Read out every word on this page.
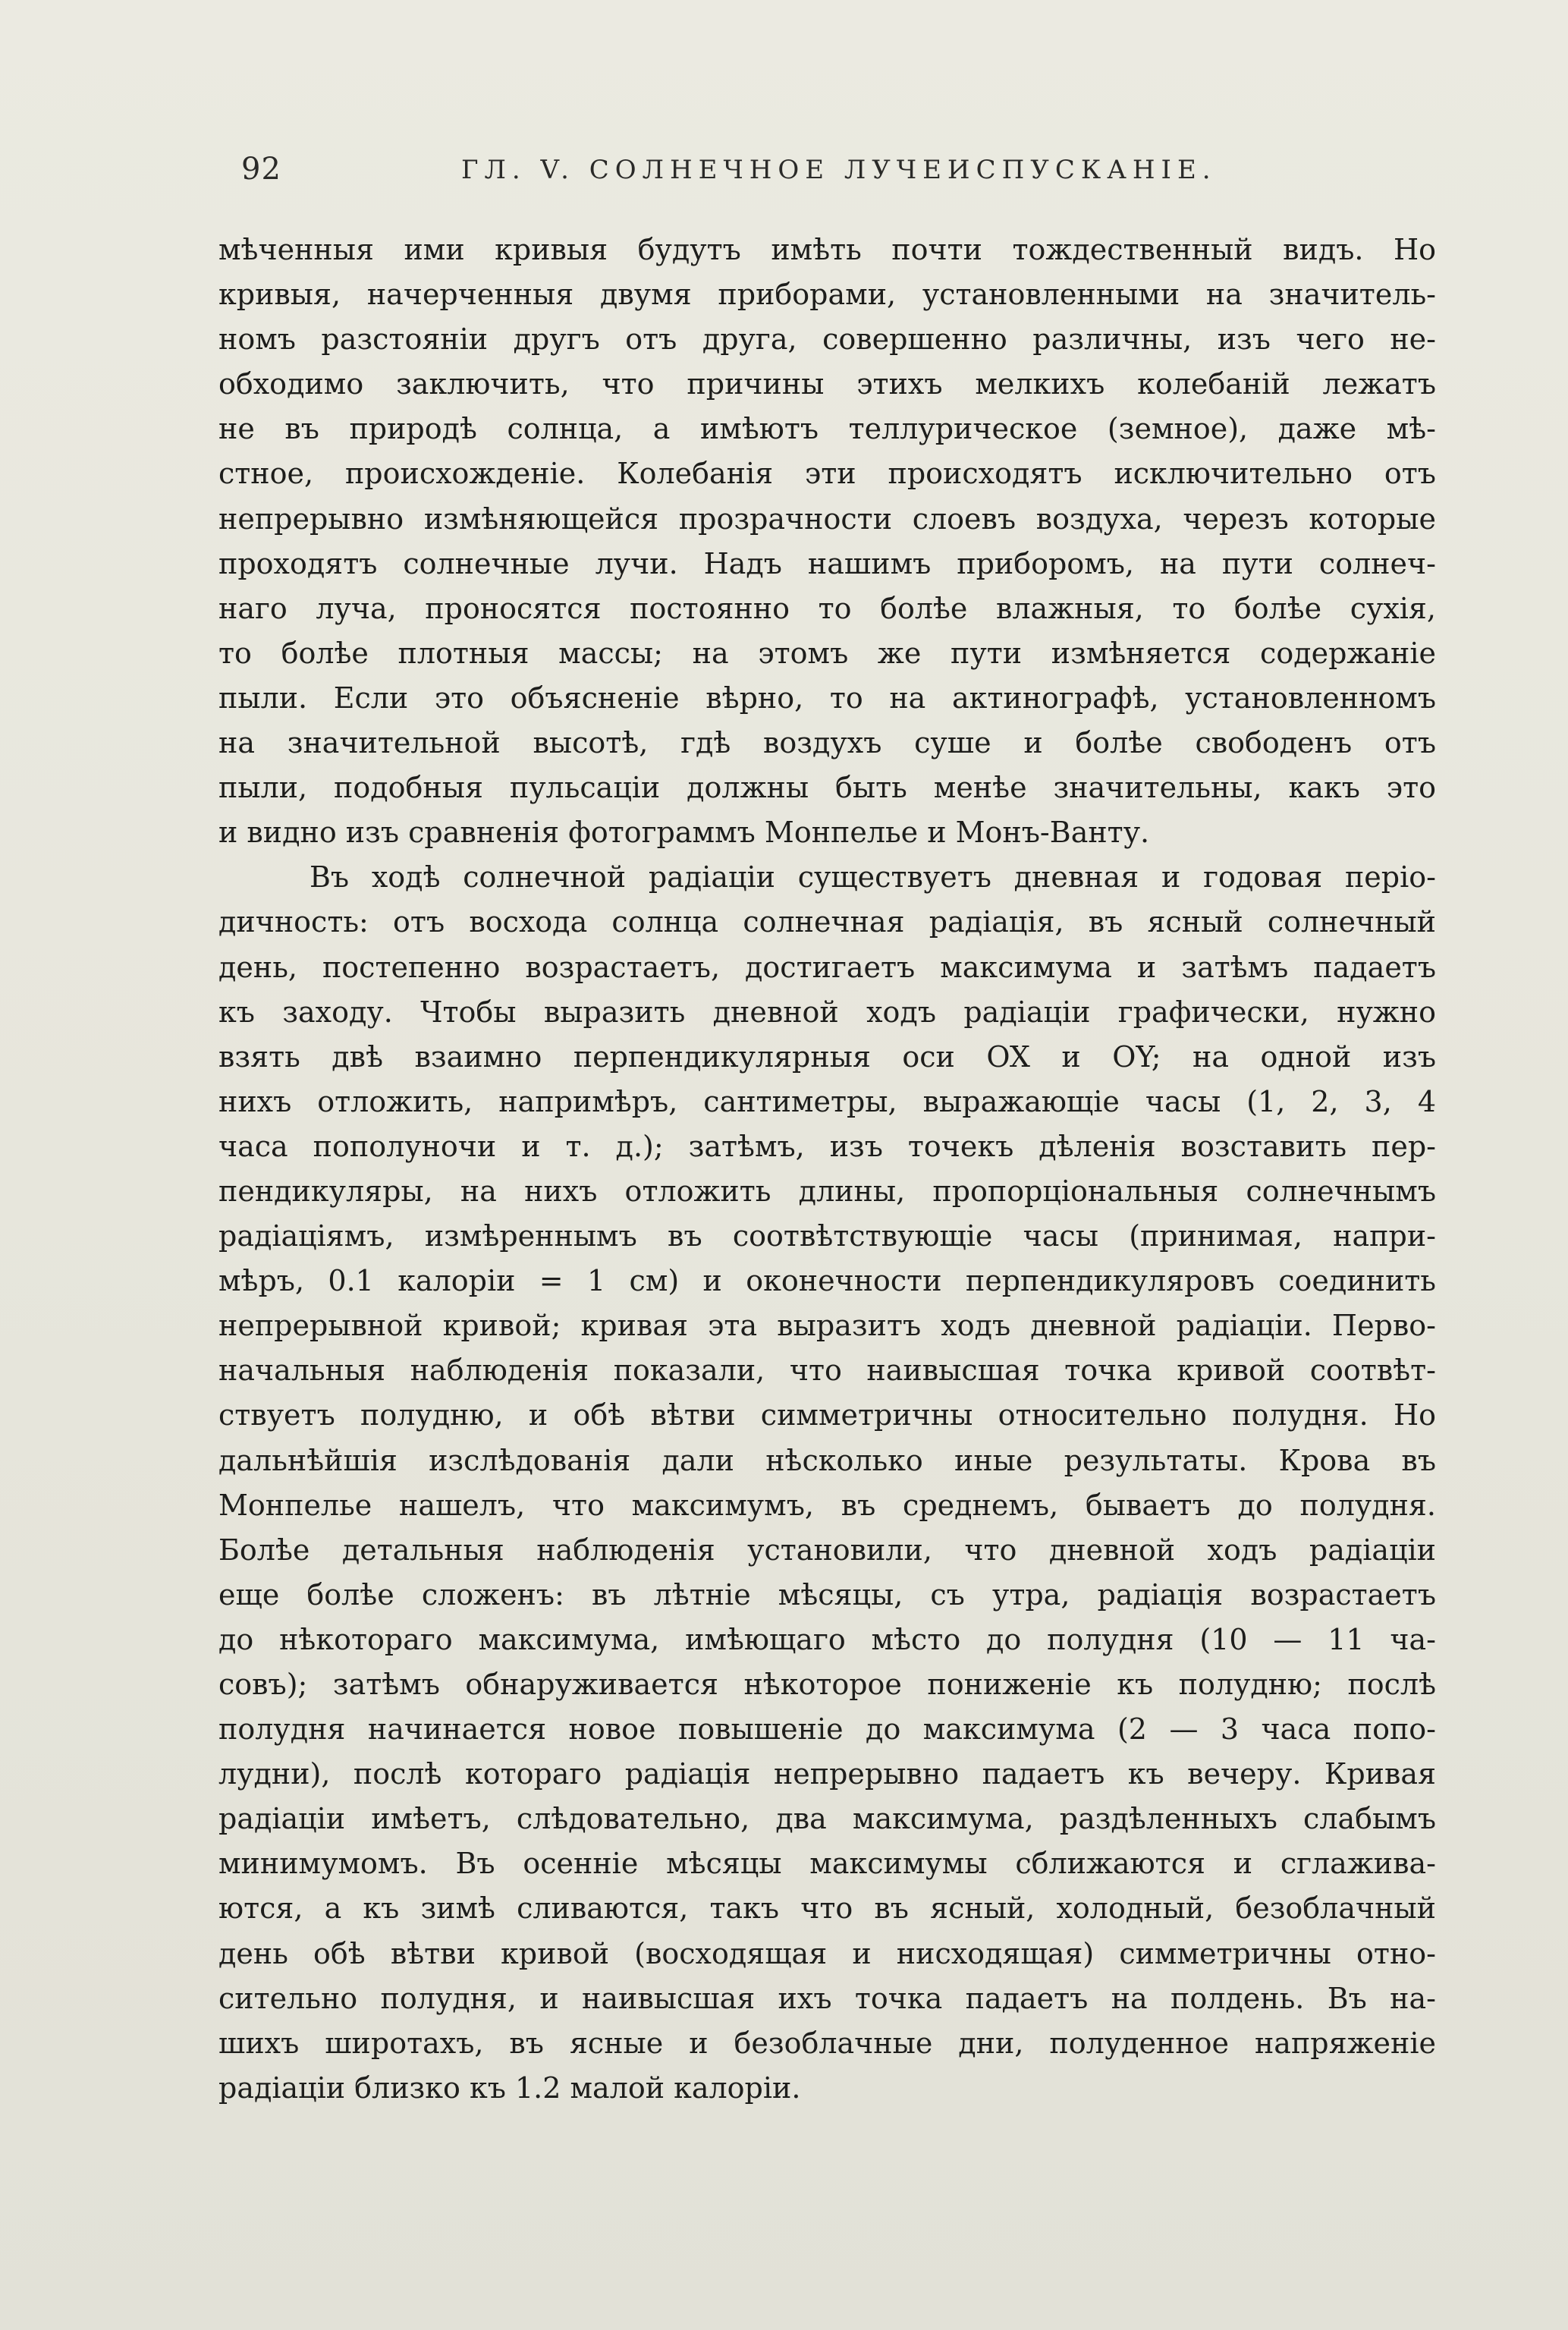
92	ГЛ. V. СОЛНЕЧНОЕ ЛУЧЕИСПУСКАНІЕ.
мѣченныя ими кривыя будутъ имѣть почти тождественный видъ. Но
кривыя, начерченныя двумя приборами, установленными на значитель-
номъ разстояніи другъ отъ друга, совершенно различны, изъ чего не-
обходимо заключить, что причины этихъ мелкихъ колебаній лежатъ
не въ природѣ солнца, а имѣютъ теллурическое (земное), даже мѣ-
стное, происхожденіе. Колебанія эти происходятъ исключительно отъ
непрерывно измѣняющейся прозрачности слоевъ воздуха, черезъ которые
проходятъ солнечные лучи. Надъ нашимъ приборомъ, на пути солнеч-
наго луча, проносятся постоянно то болѣе влажныя, то болѣе сухія,
то болѣе плотныя массы; на этомъ же пути измѣняется содержаніе
пыли. Если это объясненіе вѣрно, то на актинографѣ, установленномъ
на значительной высотѣ, гдѣ воздухъ суше и болѣе свободенъ отъ
пыли, подобныя пульсаціи должны быть менѣе значительны, какъ это
и видно изъ сравненія фотограммъ Монпелье и Монъ-Ванту.
Въ ходѣ солнечной радіаціи существуетъ дневная и годовая періо-
дичность: отъ восхода солнца солнечная радіація, въ ясный солнечный
день, постепенно возрастаетъ, достигаетъ максимума и затѣмъ падаетъ
къ заходу. Чтобы выразить дневной ходъ радіаціи графически, нужно
взять двѣ взаимно перпендикулярныя оси OX и OY; на одной изъ
нихъ отложить, напримѣръ, сантиметры, выражающіе часы (1, 2, 3, 4
часа пополуночи и т. д.); затѣмъ, изъ точекъ дѣленія возставить пер-
пендикуляры, на нихъ отложить длины, пропорціональныя солнечнымъ
радіаціямъ, измѣреннымъ въ соотвѣтствующіе часы (принимая, напри-
мѣръ, 0.1 калоріи = 1 см) и оконечности перпендикуляровъ соединить
непрерывной кривой; кривая эта выразитъ ходъ дневной радіаціи. Перво-
начальныя наблюденія показали, что наивысшая точка кривой соотвѣт-
ствуетъ полудню, и обѣ вѣтви симметричны относительно полудня. Но
дальнѣйшія изслѣдованія дали нѣсколько иные результаты. Крова въ
Монпелье нашелъ, что максимумъ, въ среднемъ, бываетъ до полудня.
Болѣе детальныя наблюденія установили, что дневной ходъ радіаціи
еще болѣе сложенъ: въ лѣтніе мѣсяцы, съ утра, радіація возрастаетъ
до нѣкотораго максимума, имѣющаго мѣсто до полудня (10 — 11 ча-
совъ); затѣмъ обнаруживается нѣкоторое пониженіе къ полудню; послѣ
полудня начинается новое повышеніе до максимума (2 — 3 часа попо-
лудни), послѣ котораго радіація непрерывно падаетъ къ вечеру. Кривая
радіаціи имѣетъ, слѣдовательно, два максимума, раздѣленныхъ слабымъ
минимумомъ. Въ осенніе мѣсяцы максимумы сближаются и сглажива-
ются, а къ зимѣ сливаются, такъ что въ ясный, холодный, безоблачный
день обѣ вѣтви кривой (восходящая и нисходящая) симметричны отно-
сительно полудня, и наивысшая ихъ точка падаетъ на полдень. Въ на-
шихъ широтахъ, въ ясные и безоблачные дни, полуденное напряженіе
радіаціи близко къ 1.2 малой калоріи.
